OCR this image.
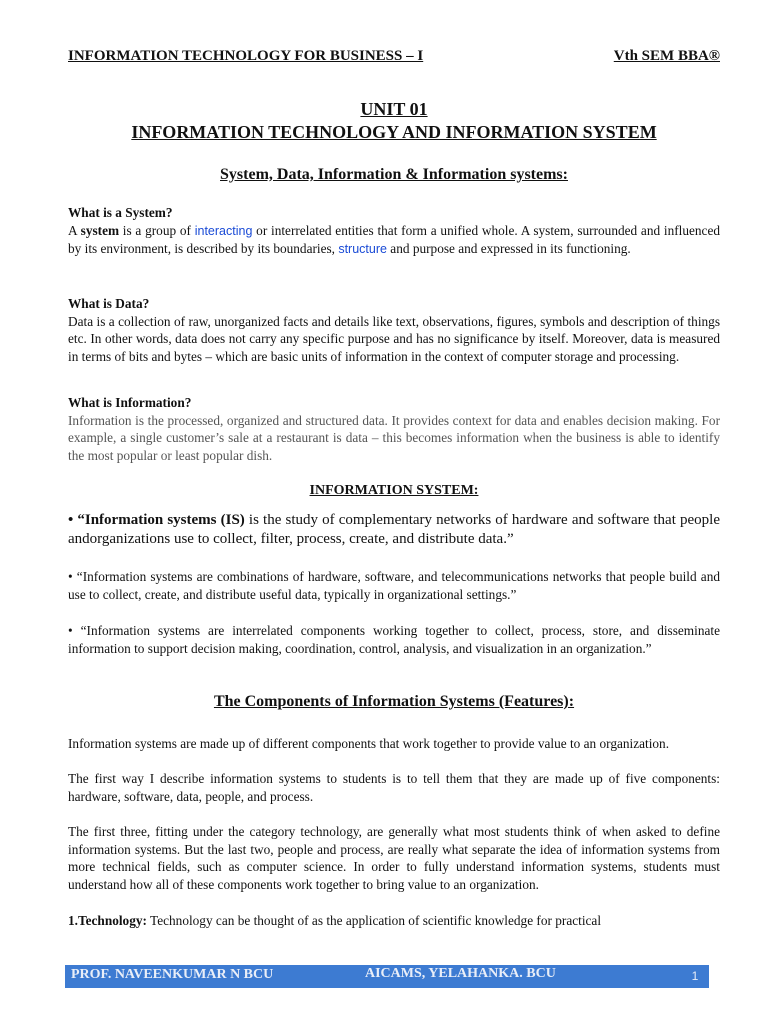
INFORMATION TECHNOLOGY FOR BUSINESS – I	Vth SEM BBA®
UNIT 01
INFORMATION TECHNOLOGY AND INFORMATION SYSTEM
System, Data, Information & Information systems:
What is a System?
A system is a group of interacting or interrelated entities that form a unified whole. A system, surrounded and influenced by its environment, is described by its boundaries, structure and purpose and expressed in its functioning.
What is Data?
Data is a collection of raw, unorganized facts and details like text, observations, figures, symbols and description of things etc. In other words, data does not carry any specific purpose and has no significance by itself. Moreover, data is measured in terms of bits and bytes – which are basic units of information in the context of computer storage and processing.
What is Information?
Information is the processed, organized and structured data. It provides context for data and enables decision making. For example, a single customer’s sale at a restaurant is data – this becomes information when the business is able to identify the most popular or least popular dish.
INFORMATION SYSTEM:
• “Information systems (IS) is the study of complementary networks of hardware and software that people andorganizations use to collect, filter, process, create, and distribute data.”
• “Information systems are combinations of hardware, software, and telecommunications networks that people build and use to collect, create, and distribute useful data, typically in organizational settings.”
• “Information systems are interrelated components working together to collect, process, store, and disseminate information to support decision making, coordination, control, analysis, and visualization in an organization.”
The Components of Information Systems (Features):
Information systems are made up of different components that work together to provide value to an organization.
The first way I describe information systems to students is to tell them that they are made up of five components: hardware, software, data, people, and process.
The first three, fitting under the category technology, are generally what most students think of when asked to define information systems. But the last two, people and process, are really what separate the idea of information systems from more technical fields, such as computer science. In order to fully understand information systems, students must understand how all of these components work together to bring value to an organization.
1.Technology: Technology can be thought of as the application of scientific knowledge for practical
PROF. NAVEENKUMAR N BCU	AICAMS, YELAHANKA. BCU	1
